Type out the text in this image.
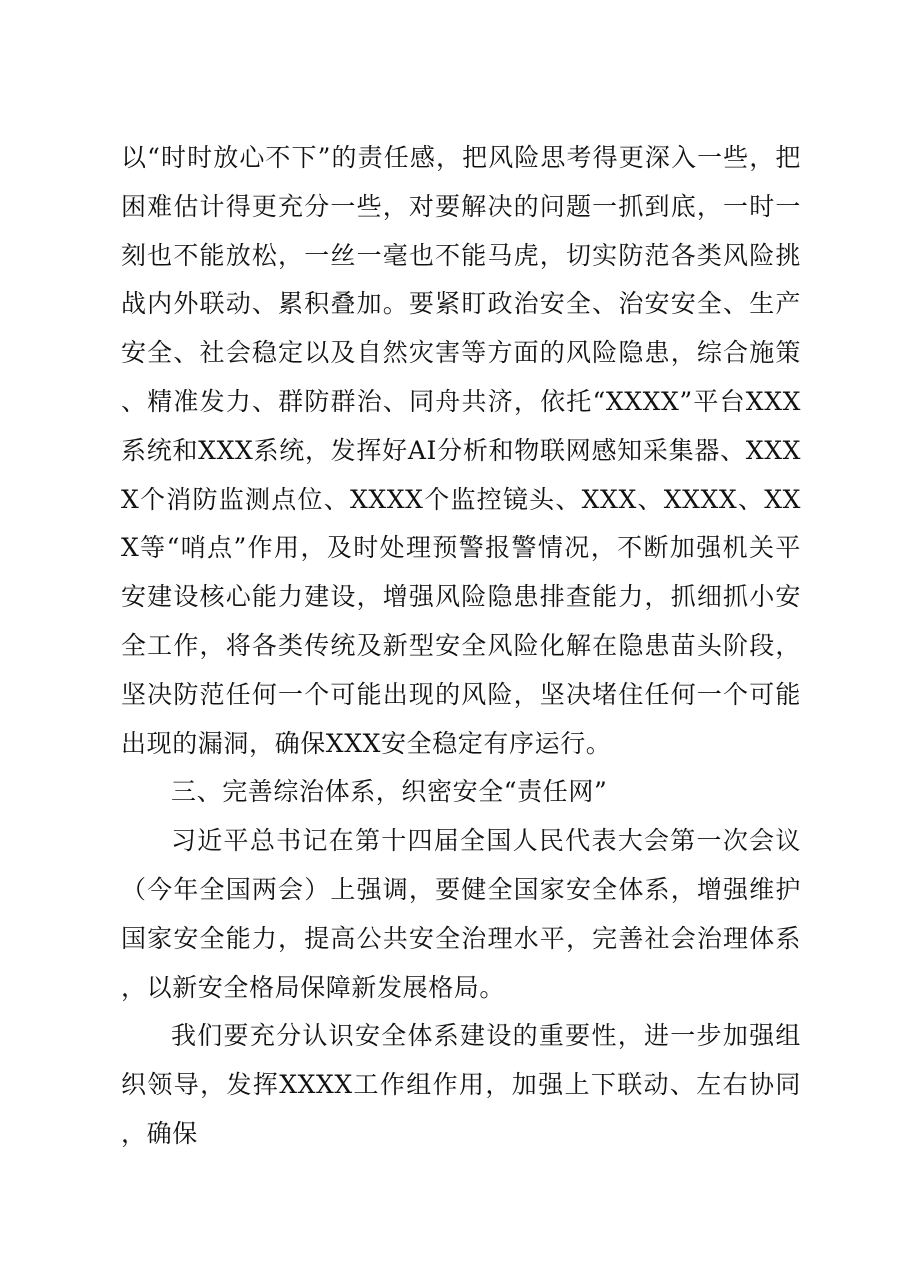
以“时时放心不下”的责任感，把风险思考得更深入一些，把困难估计得更充分一些，对要解决的问题一抓到底，一时一刻也不能放松，一丝一毫也不能马虎，切实防范各类风险挑战内外联动、累积叠加。要紧盯政治安全、治安安全、生产安全、社会稳定以及自然灾害等方面的风险隐患，综合施策、精准发力、群防群治、同舟共济，依托“XXXX”平台XXX系统和XXX系统，发挥好AI分析和物联网感知采集器、XXXX个消防监测点位、XXXX个监控镜头、XXX、XXXX、XXX等“哨点”作用，及时处理预警报警情况，不断加强机关平安建设核心能力建设，增强风险隐患排查能力，抓细抓小安全工作，将各类传统及新型安全风险化解在隐患苗头阶段，坚决防范任何一个可能出现的风险，坚决堵住任何一个可能出现的漏洞，确保XXX安全稳定有序运行。

三、完善综治体系，织密安全“责任网”

习近平总书记在第十四届全国人民代表大会第一次会议（今年全国两会）上强调，要健全国家安全体系，增强维护国家安全能力，提高公共安全治理水平，完善社会治理体系，以新安全格局保障新发展格局。

我们要充分认识安全体系建设的重要性，进一步加强组织领导，发挥XXXX工作组作用，加强上下联动、左右协同，确保
